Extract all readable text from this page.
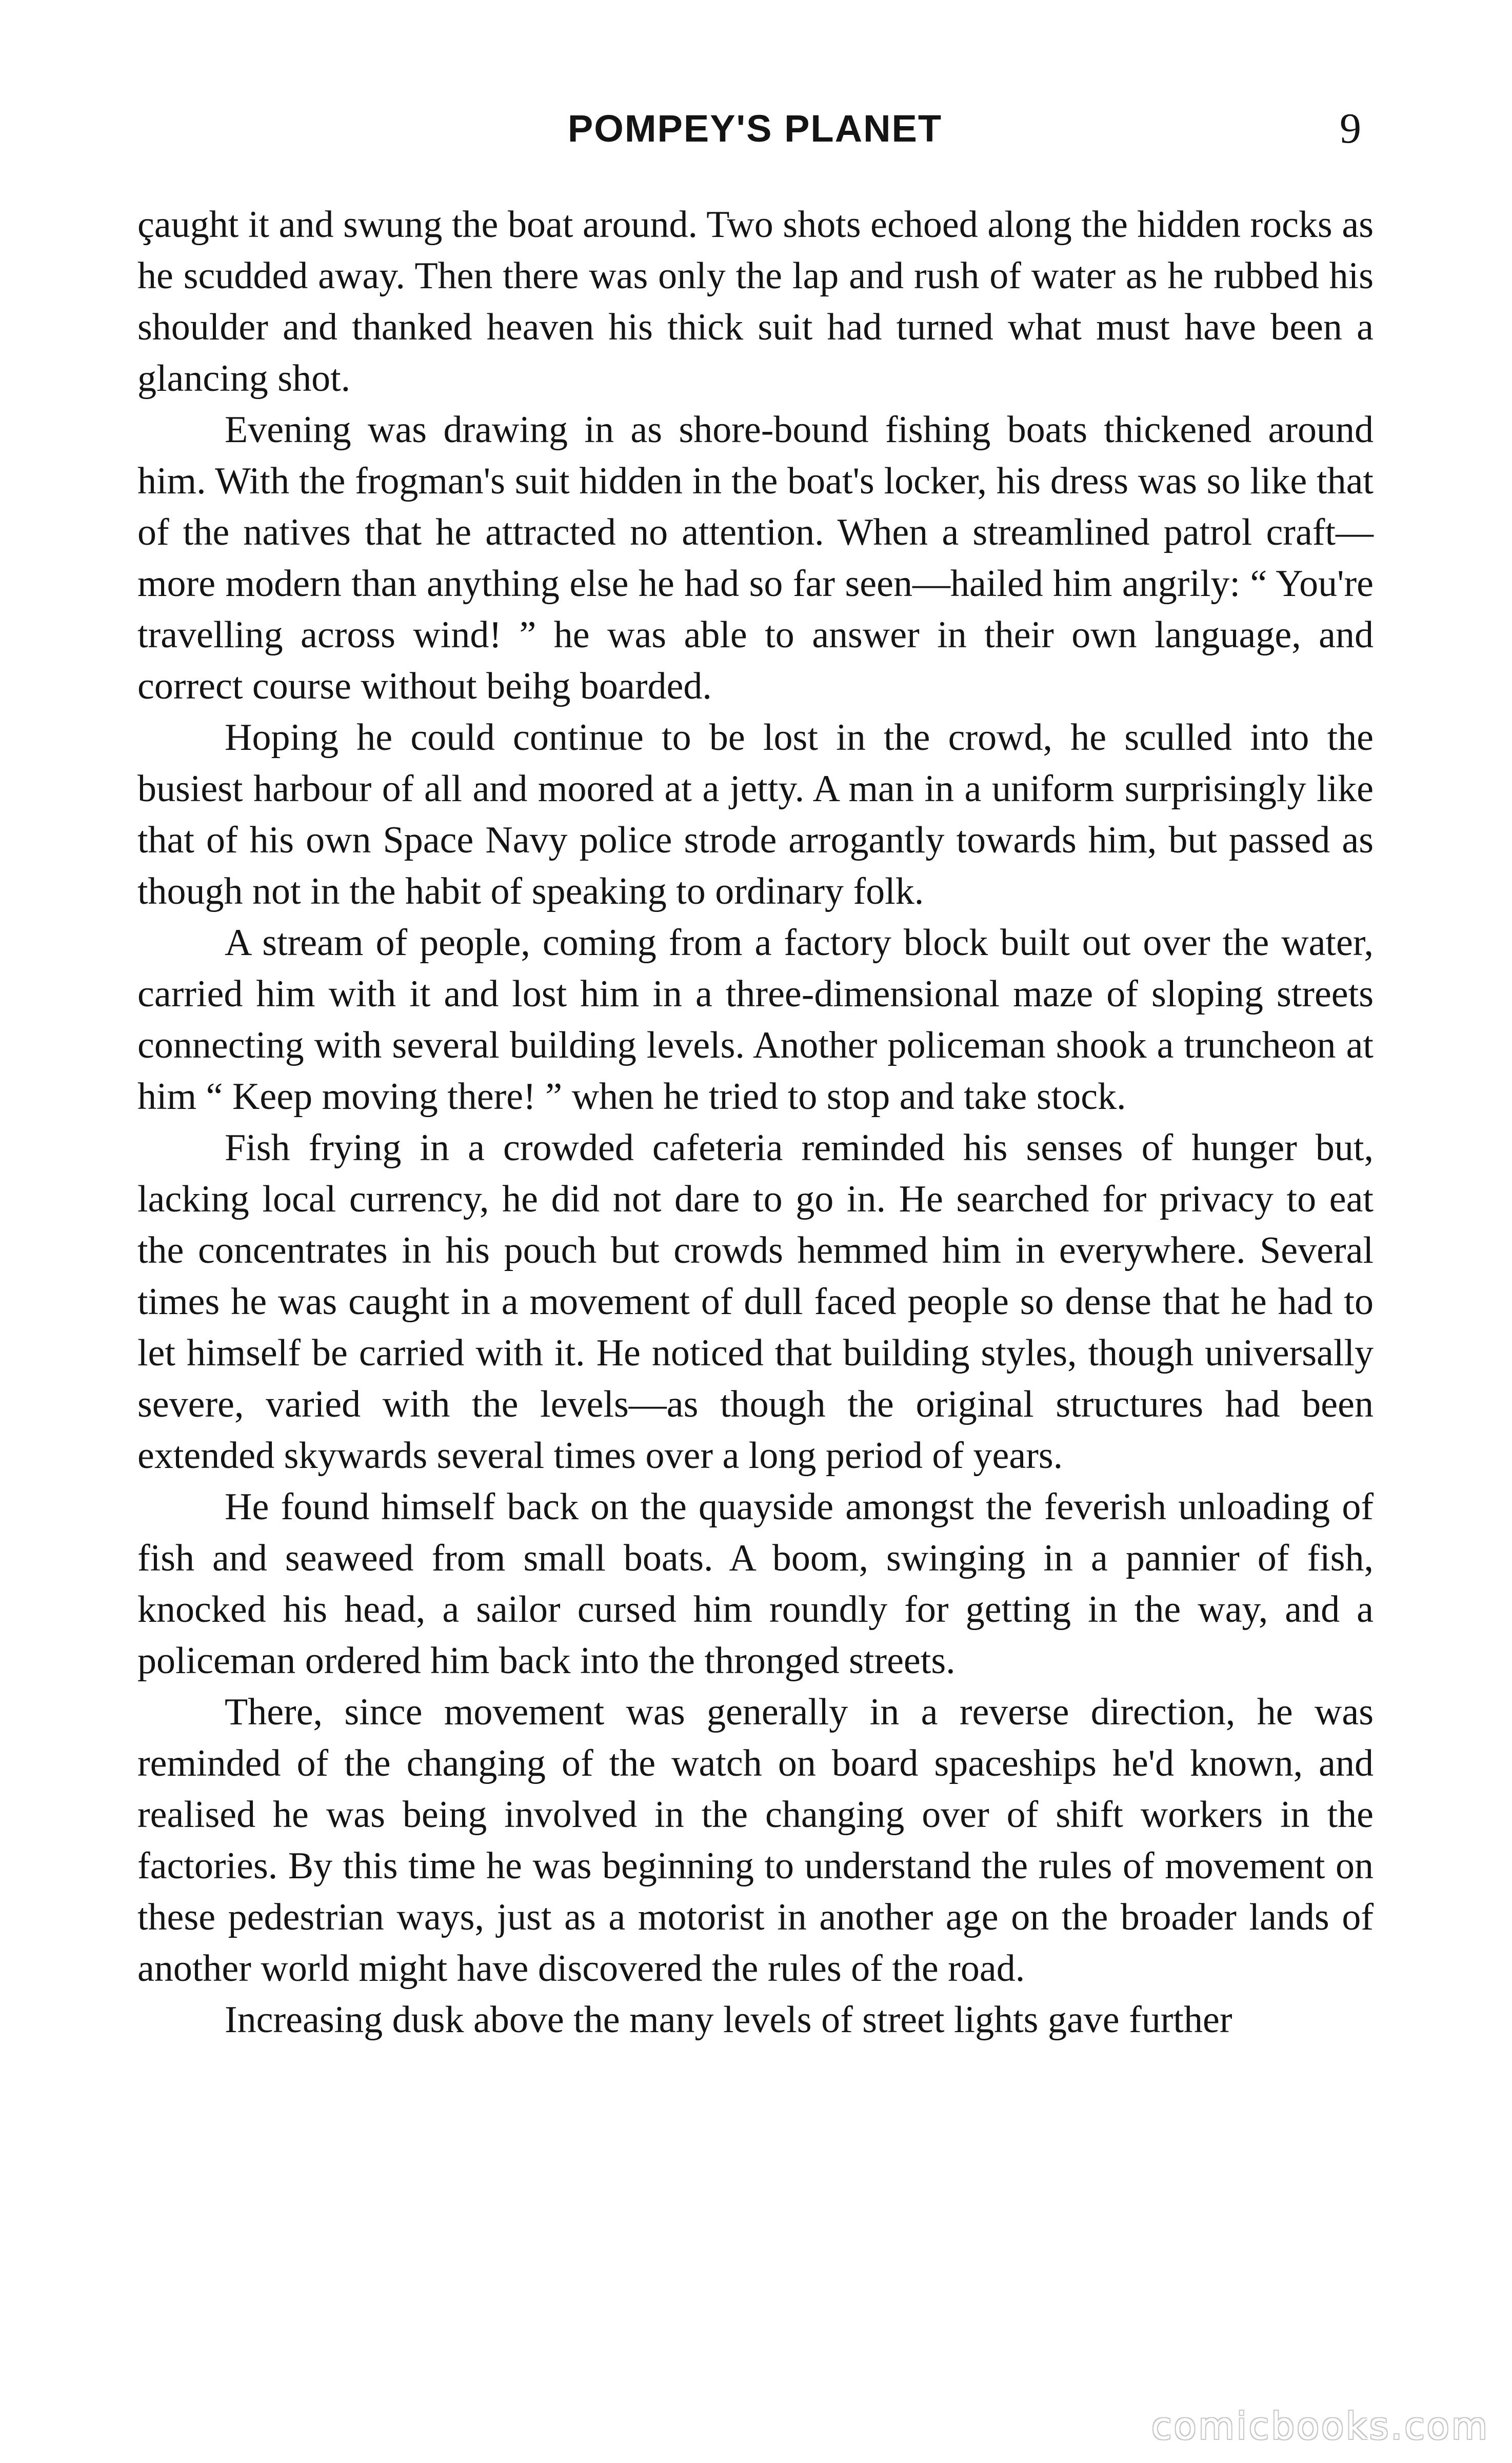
POMPEY'S PLANET	9

çaught it and swung the boat around. Two shots echoed along the hidden rocks as he scudded away. Then there was only the lap and rush of water as he rubbed his shoulder and thanked heaven his thick suit had turned what must have been a glancing shot.

Evening was drawing in as shore-bound fishing boats thickened around him. With the frogman's suit hidden in the boat's locker, his dress was so like that of the natives that he attracted no attention. When a streamlined patrol craft—more modern than anything else he had so far seen—hailed him angrily: “ You're travelling across wind! ” he was able to answer in their own language, and correct course without beihg boarded.

Hoping he could continue to be lost in the crowd, he sculled into the busiest harbour of all and moored at a jetty. A man in a uniform surprisingly like that of his own Space Navy police strode arrogantly towards him, but passed as though not in the habit of speaking to ordinary folk.

A stream of people, coming from a factory block built out over the water, carried him with it and lost him in a three-dimensional maze of sloping streets connecting with several building levels. Another policeman shook a truncheon at him “ Keep moving there! ” when he tried to stop and take stock.

Fish frying in a crowded cafeteria reminded his senses of hunger but, lacking local currency, he did not dare to go in. He searched for privacy to eat the concentrates in his pouch but crowds hemmed him in everywhere. Several times he was caught in a movement of dull faced people so dense that he had to let himself be carried with it. He noticed that building styles, though universally severe, varied with the levels—as though the original structures had been extended skywards several times over a long period of years.

He found himself back on the quayside amongst the feverish unloading of fish and seaweed from small boats. A boom, swinging in a pannier of fish, knocked his head, a sailor cursed him roundly for getting in the way, and a policeman ordered him back into the thronged streets.

There, since movement was generally in a reverse direction, he was reminded of the changing of the watch on board spaceships he'd known, and realised he was being involved in the changing over of shift workers in the factories. By this time he was beginning to understand the rules of movement on these pedestrian ways, just as a motorist in another age on the broader lands of another world might have discovered the rules of the road.

Increasing dusk above the many levels of street lights gave further

comicbooks.com
